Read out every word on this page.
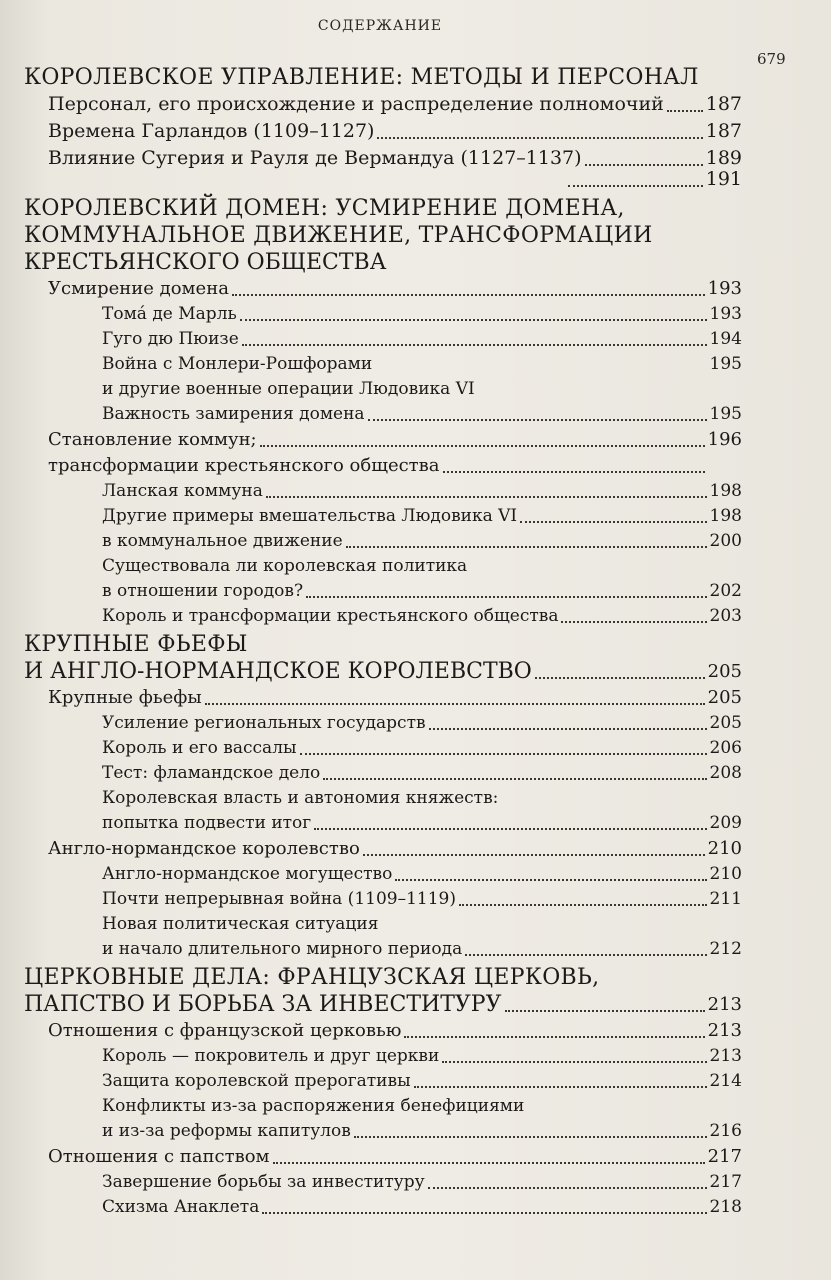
СОДЕРЖАНИЕ
679
КОРОЛЕВСКОЕ УПРАВЛЕНИЕ: МЕТОДЫ И ПЕРСОНАЛ
Персонал, его происхождение и распределение полномочий 187
Времена Гарландов (1109–1127)	187
Влияние Сугерия и Рауля де Вермандуа (1127–1137)	189
191
КОРОЛЕВСКИЙ ДОМЕН: УСМИРЕНИЕ ДОМЕНА,
КОММУНАЛЬНОЕ ДВИЖЕНИЕ, ТРАНСФОРМАЦИИ
КРЕСТЬЯНСКОГО ОБЩЕСТВА
Усмирение домена	193
Томá де Марль	193
Гуго дю Пюизе	194
Война с Монлери-Рошфорами
и другие военные операции Людовика VI
195
Важность замирения домена	195
Становление коммун;	196
трансформации крестьянского общества
Ланская коммуна	198
Другие примеры вмешательства Людовика VI	198
в коммунальное движение	200
Существовала ли королевская политика
в отношении городов?	202
Король и трансформации крестьянского общества	203
КРУПНЫЕ ФЬЕФЫ
И АНГЛО-НОРМАНДСКОЕ КОРОЛЕВСТВО	205
Крупные фьефы	205
Усиление региональных государств	205
Король и его вассалы	206
Тест: фламандское дело	208
Королевская власть и автономия княжеств:
попытка подвести итог	209
Англо-нормандское королевство	210
Англо-нормандское могущество	210
Почти непрерывная война (1109–1119)	211
Новая политическая ситуация
и начало длительного мирного периода	212
ЦЕРКОВНЫЕ ДЕЛА: ФРАНЦУЗСКАЯ ЦЕРКОВЬ,
ПАПСТВО И БОРЬБА ЗА ИНВЕСТИТУРУ	213
Отношения с французской церковью	213
Король — покровитель и друг церкви	213
Защита королевской прерогативы	214
Конфликты из-за распоряжения бенефициями
и из-за реформы капитулов	216
Отношения с папством	217
Завершение борьбы за инвеституру	217
Схизма Анаклета	218
